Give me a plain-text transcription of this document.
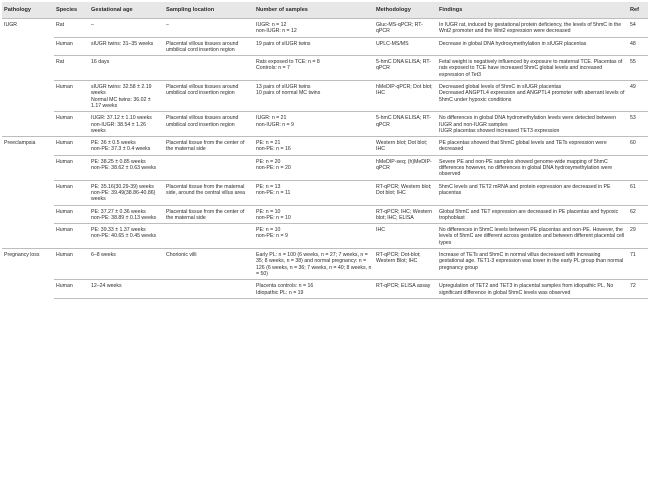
Pathology	Species	Gestational age	Sampling location	Number of samples	Methodology	Findings	Ref
IUGR	Rat	–	–	IUGR: n = 12
non-IUGR: n = 12	Gluc-MS-qPCR; RT-qPCR	In IUGR rat, induced by gestational protein deficiency, the levels of 5hmC in the Wnt2 promoter and the Wnt2 expression were decreased	54
	Human	sIUGR twins: 31–35 weeks	Placental villous tissues around umbilical cord insertion region	19 pairs of sIUGR twins	UPLC-MS/MS	Decrease in global DNA hydroxymethylation in sIUGR placentas	48
	Rat	16 days		Rats exposed to TCE: n = 8
Controls: n = 7	5-hmC DNA ELISA; RT-qPCR	Fetal weight is negatively influenced by exposure to maternal TCE. Placentas of rats exposed to TCE have increased 5hmC global levels and increased expression of Tet3	55
	Human	sIUGR twins: 32.58 ± 2.19 weeks
Normal MC twins: 36.02 ± 1.17 weeks	Placental villous tissues around umbilical cord insertion region	13 pairs of sIUGR twins
10 pairs of normal MC twins	hMeDIP-qPCR; Dot blot; IHC	Decreased global levels of 5hmC in sIUGR placentas
Decreased ANGPTL4 expression and ANGPTL4 promoter with aberrant levels of 5hmC under hypoxic conditions	49
	Human	IUGR: 37.12 ± 1.10 weeks
non-IUGR: 38.54 ± 1.26 weeks	Placental villous tissues around umbilical cord insertion region	IUGR: n = 21
non-IUGR: n = 9	5-hmC DNA ELISA; RT-qPCR	No differences in global DNA hydromethylation levels were detected between IUGR and non-IUGR samples
IUGR placentas showed increased TET3 expression	53
Preeclampsia	Human	PE: 36 ± 0.5 weeks
non-PE: 37.3 ± 0.4 weeks	Placental tissue from the center of the maternal side	PE: n = 21
non-PE: n = 16	Western blot; Dot blot; IHC	PE placentas showed that 5hmC global levels and TETs expression were decreased	60
	Human	PE: 38.25 ± 0.85 weeks
non-PE: 38.62 ± 0.63 weeks		PE: n = 20
non-PE: n = 20	hMeDIP-seq; (h)MeDIP-qPCR	Severe PE and non-PE samples showed genome-wide mapping of 5hmC differences however, no differences in global DNA hydroxymethylation were observed	
	Human	PE: 35.16(30.29-39) weeks
non-PE: 39.49(38.86-40.86) weeks	Placental tissue from the maternal side, around the central villus area	PE: n = 13
non-PE: n = 11	RT-qPCR; Western blot; Dot blot; IHC	5hmC levels and TET2 mRNA and protein expression are decreased in PE placentas	61
	Human	PE: 37.27 ± 0.36 weeks
non-PE: 38.89 ± 0.13 weeks	Placental tissue from the center of the maternal side	PE: n = 10
non-PE: n = 10	RT-qPCR; IHC; Western blot; IHC; ELISA	Global 5hmC and TET expression are decreased in PE placentas and hypoxic trophoblast	62
	Human	PE: 39.33 ± 1.37 weeks
non-PE: 40.65 ± 0.45 weeks		PE: n = 10
non-PE: n = 9	IHC	No differences in 5hmC levels between PE placentas and non-PE. However, the levels of 5hmC are different across gestation and between different placental cell types	29
Pregnancy loss	Human	6–8 weeks	Chorionic villi	Early PL: n = 100 (6 weeks, n = 27; 7 weeks, n = 35; 8 weeks, n = 38) and normal pregnancy: n = 126 (6 weeks, n = 36; 7 weeks, n = 40; 8 weeks, n = 50)	RT-qPCR; Dot-blot; Western Blot; IHC	Increase of TETs and 5hmC in normal villus decreased with increasing gestational age. TET1-3 expression was lower in the early PL group than normal pregnancy group	71
	Human	12–24 weeks		Placenta controls: n = 16
Idiopathic PL: n = 19	RT-qPCR; ELISA assay	Upregulation of TET2 and TET3 in placental samples from idiopathic PL. No significant difference in global 5hmC levels was observed	72
